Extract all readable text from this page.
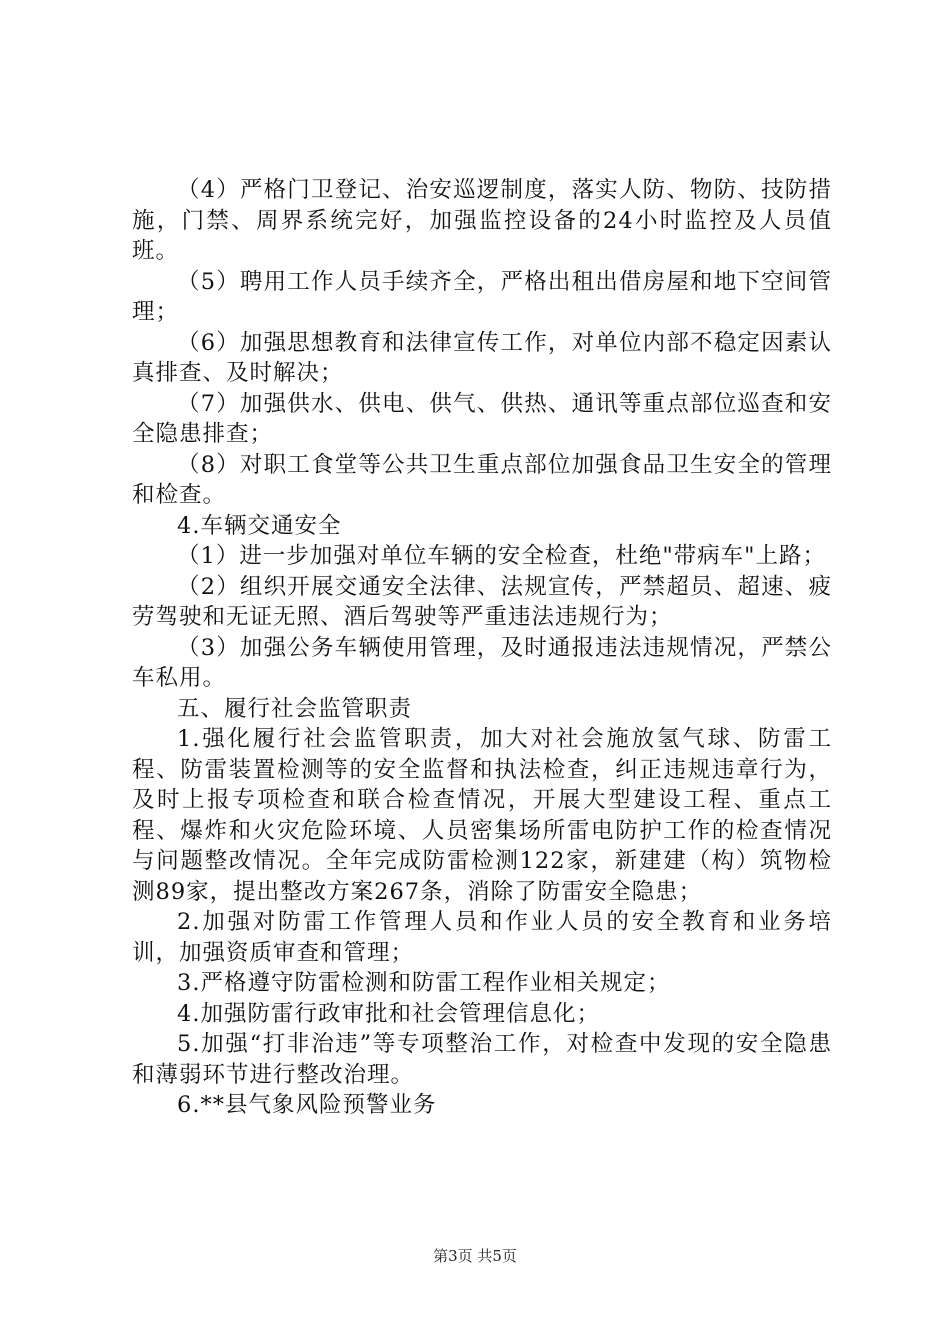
（4）严格门卫登记、治安巡逻制度，落实人防、物防、技防措施，门禁、周界系统完好，加强监控设备的24小时监控及人员值班。

（5）聘用工作人员手续齐全，严格出租出借房屋和地下空间管理；

（6）加强思想教育和法律宣传工作，对单位内部不稳定因素认真排查、及时解决；

（7）加强供水、供电、供气、供热、通讯等重点部位巡查和安全隐患排查；

（8）对职工食堂等公共卫生重点部位加强食品卫生安全的管理和检查。

4.车辆交通安全

（1）进一步加强对单位车辆的安全检查，杜绝"带病车"上路；

（2）组织开展交通安全法律、法规宣传，严禁超员、超速、疲劳驾驶和无证无照、酒后驾驶等严重违法违规行为；

（3）加强公务车辆使用管理，及时通报违法违规情况，严禁公车私用。

五、履行社会监管职责

1.强化履行社会监管职责，加大对社会施放氢气球、防雷工程、防雷装置检测等的安全监督和执法检查，纠正违规违章行为，及时上报专项检查和联合检查情况，开展大型建设工程、重点工程、爆炸和火灾危险环境、人员密集场所雷电防护工作的检查情况与问题整改情况。全年完成防雷检测122家，新建建（构）筑物检测89家，提出整改方案267条，消除了防雷安全隐患；

2.加强对防雷工作管理人员和作业人员的安全教育和业务培训，加强资质审查和管理；

3.严格遵守防雷检测和防雷工程作业相关规定；

4.加强防雷行政审批和社会管理信息化；

5.加强“打非治违”等专项整治工作，对检查中发现的安全隐患和薄弱环节进行整改治理。

6.**县气象风险预警业务

第3页 共5页
